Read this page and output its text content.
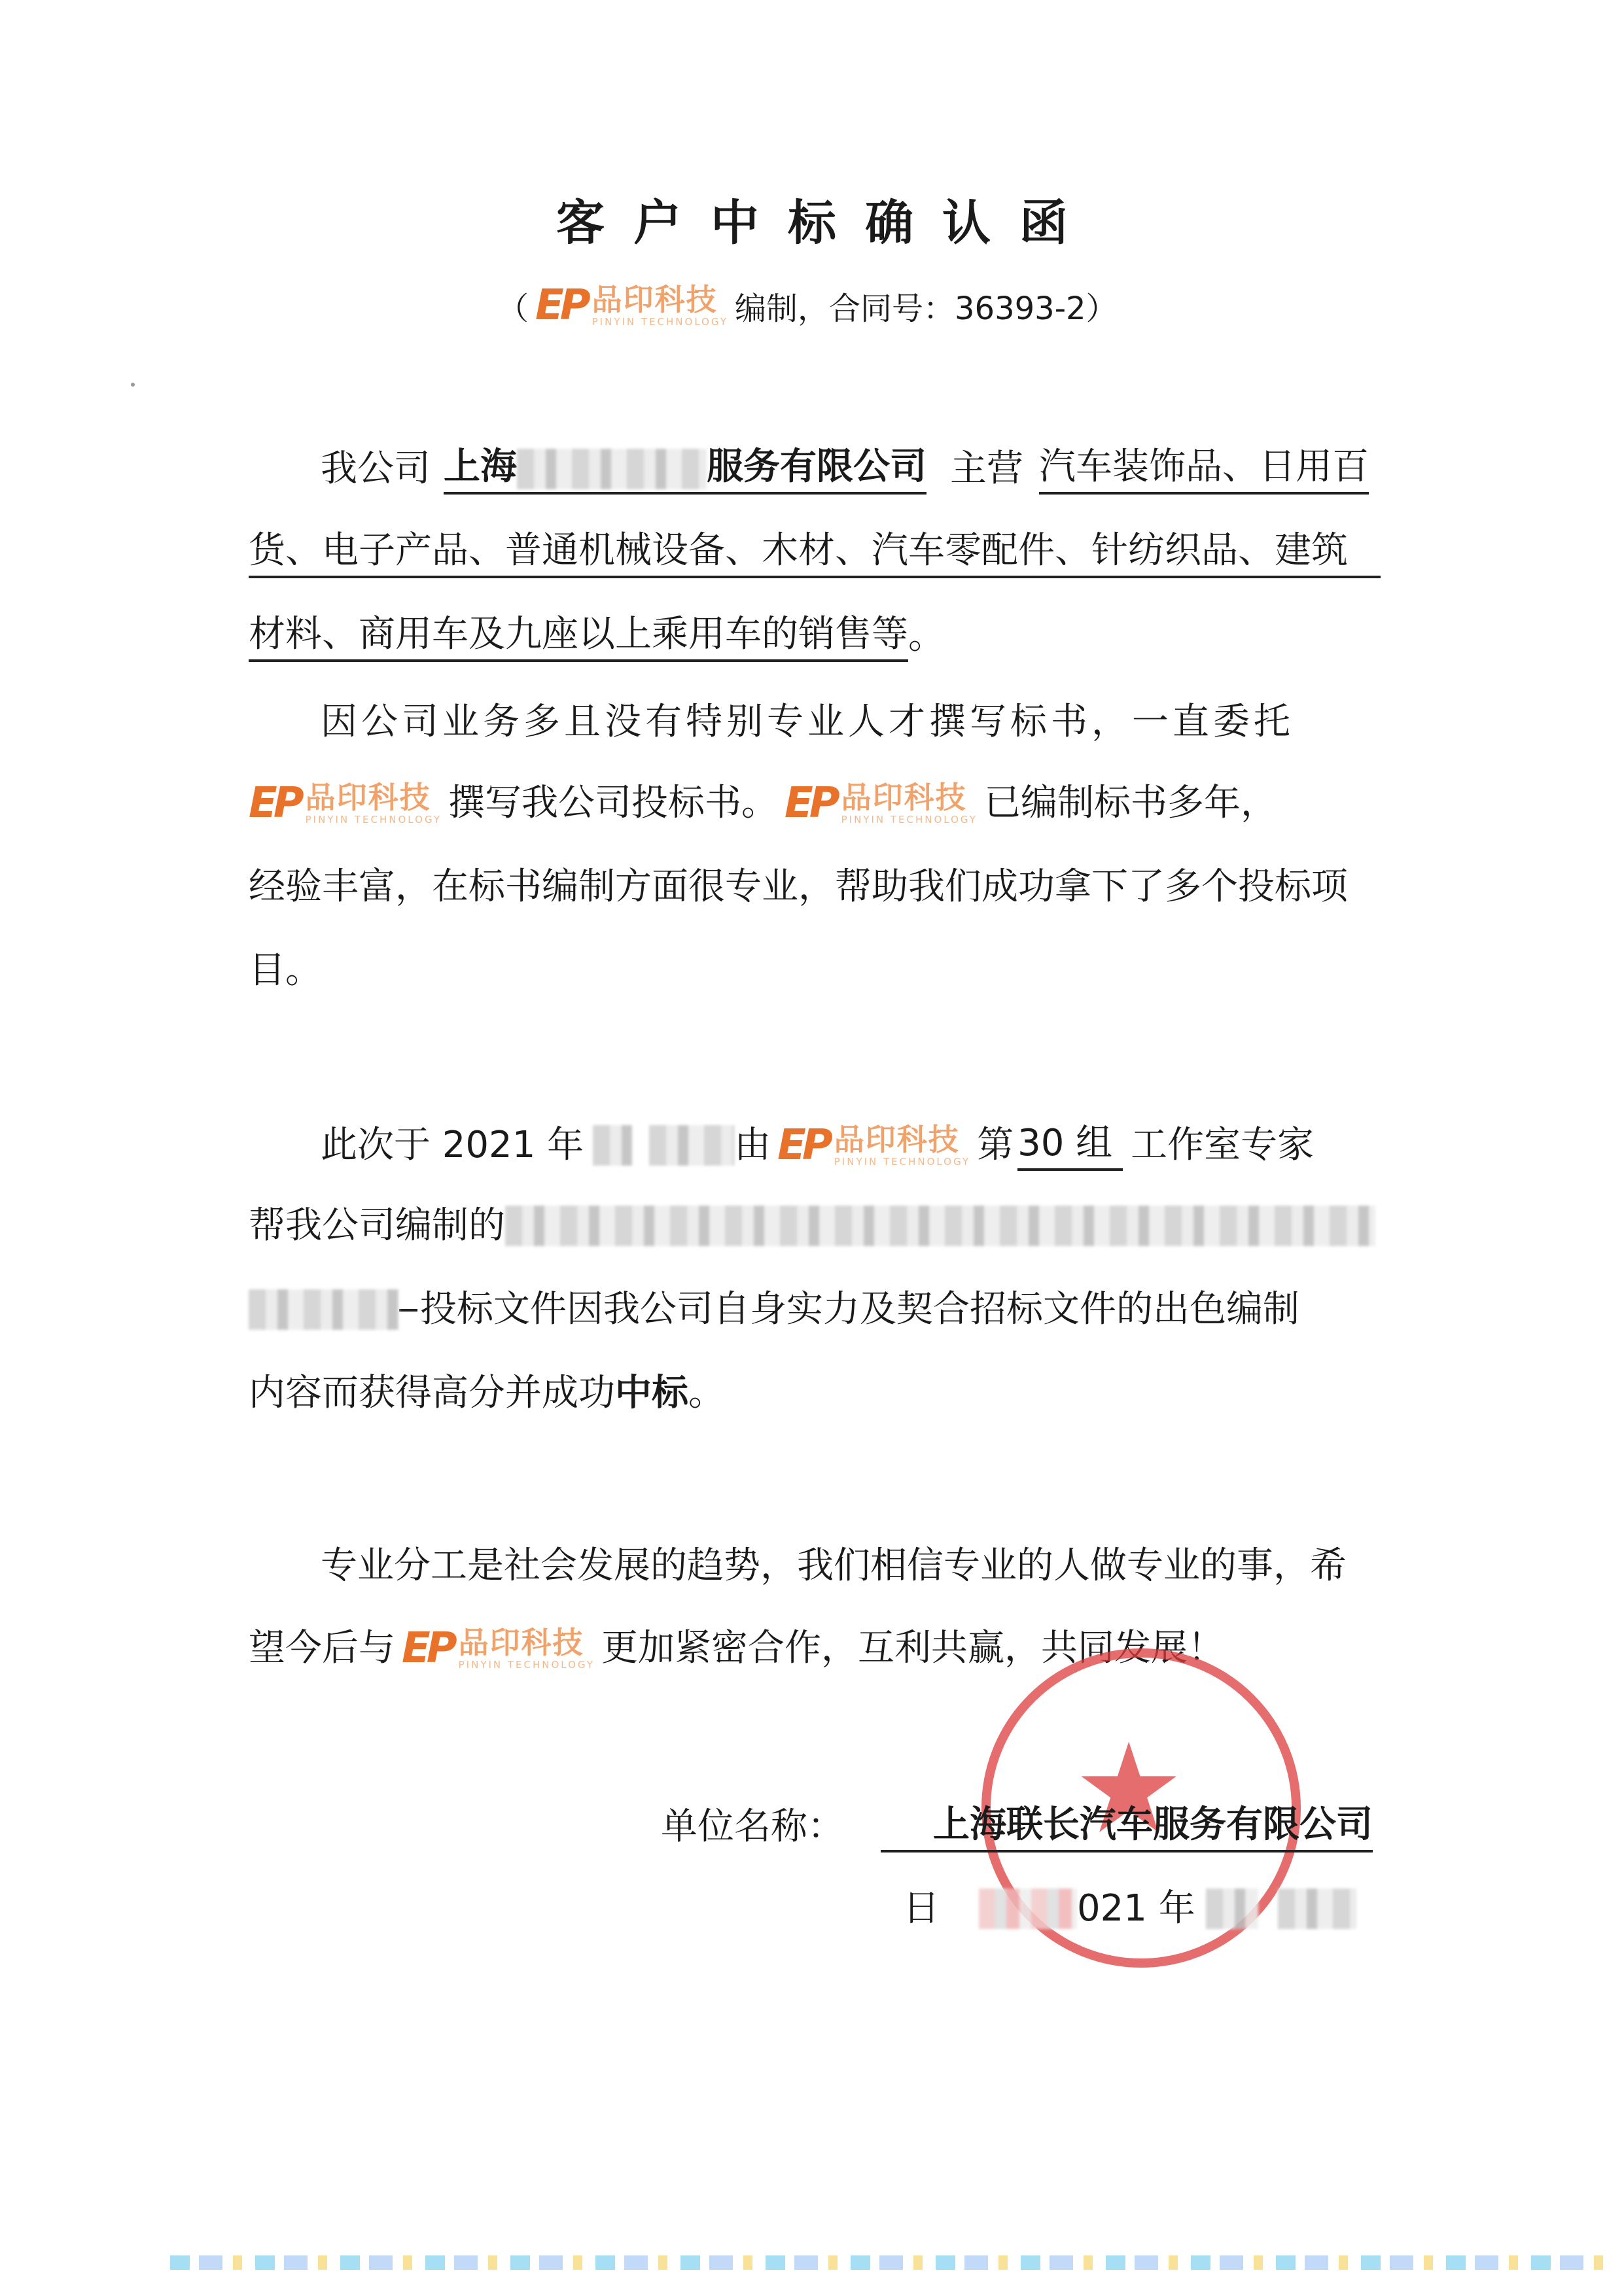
客户中标确认函
（ EP 品印科技
PINYIN TECHNOLOGY 编制，合同号：36393-2）
我公司 上海	服务有限公司 主营 汽车装饰品、日用百
货、电子产品、普通机械设备、木材、汽车零配件、针纺织品、建筑
材料、商用车及九座以上乘用车的销售等 。
因公司业务多且没有特别专业人才撰写标书，一直委托
EP 品印科技
PINYIN TECHNOLOGY 撰写我公司投标书。 EP 品印科技
PINYIN TECHNOLOGY 已编制标书多年，
经验丰富，在标书编制方面很专业，帮助我们成功拿下了多个投标项
目。
此次于 2021 年	由 EP 品印科技
PINYIN TECHNOLOGY 第 30 组 工作室专家
帮我公司编制的
投标文件因我公司自身实力及契合招标文件的出色编制
内容而获得高分并成功 中标 。
专业分工是社会发展的趋势，我们相信专业的人做专业的事，希
望今后与 EP 品印科技
PINYIN TECHNOLOGY 更加紧密合作，互利共赢，共同发展！
★
单位名称：	上海联长汽车服务有限公司
日	021 年
